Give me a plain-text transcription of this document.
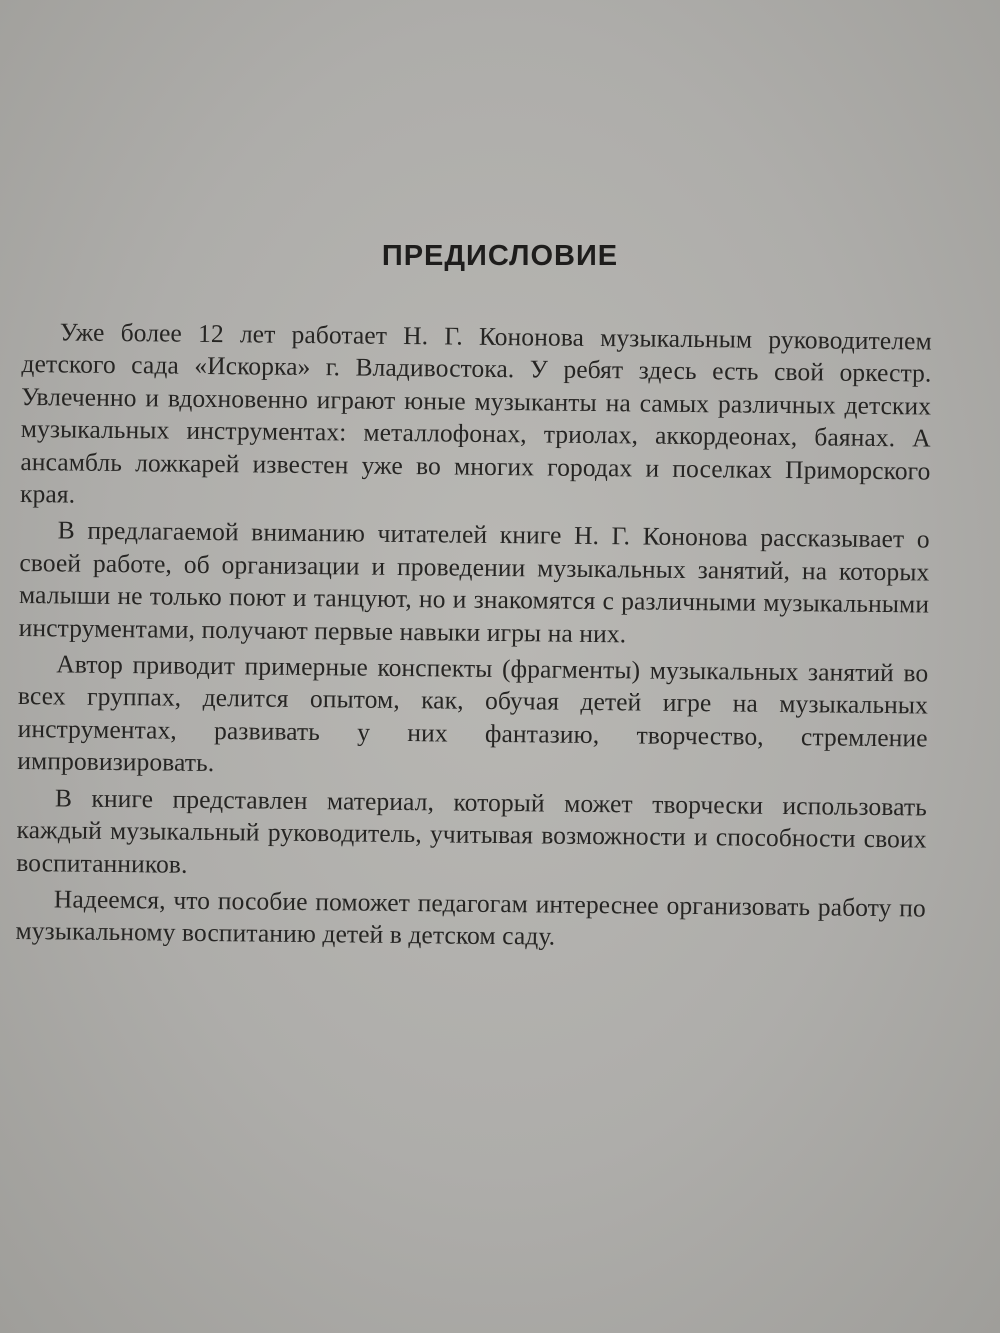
ПРЕДИСЛОВИЕ

Уже более 12 лет работает Н. Г. Кононова музыкальным руководителем детского сада «Искорка» г. Владивостока. У ребят здесь есть свой оркестр. Увлеченно и вдохновенно играют юные музыканты на самых различных детских музыкальных инструментах: металлофонах, триолах, аккордеонах, баянах. А ансамбль ложкарей известен уже во многих городах и поселках Приморского края.

В предлагаемой вниманию читателей книге Н. Г. Кононова рассказывает о своей работе, об организации и проведении музыкальных занятий, на которых малыши не только поют и танцуют, но и знакомятся с различными музыкальными инструментами, получают первые навыки игры на них.

Автор приводит примерные конспекты (фрагменты) музыкальных занятий во всех группах, делится опытом, как, обучая детей игре на музыкальных инструментах, развивать у них фантазию, творчество, стремление импровизировать.

В книге представлен материал, который может творчески использовать каждый музыкальный руководитель, учитывая возможности и способности своих воспитанников.

Надеемся, что пособие поможет педагогам интереснее организовать работу по музыкальному воспитанию детей в детском саду.
